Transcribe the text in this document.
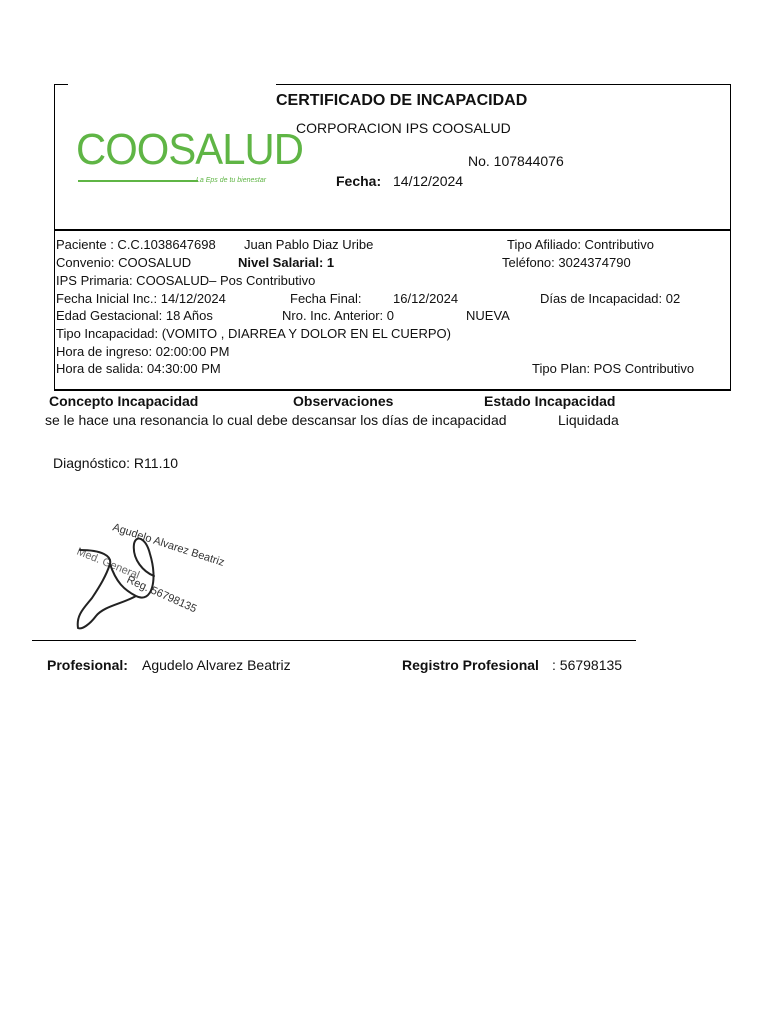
COOSALUD
La Eps de tu bienestar
CERTIFICADO DE INCAPACIDAD
CORPORACION IPS COOSALUD
No. 107844076
Fecha: 14/12/2024
Paciente : C.C.1038647698 Juan Pablo Diaz Uribe	Tipo Afiliado: Contributivo
Convenio: COOSALUD	Nivel Salarial: 1	Teléfono: 3024374790
IPS Primaria: COOSALUD– Pos Contributivo
Fecha Inicial Inc.: 14/12/2024	Fecha Final: 16/12/2024	Días de Incapacidad: 02
Edad Gestacional: 18 Años	Nro. Inc. Anterior: 0	NUEVA
Tipo Incapacidad: (VOMITO , DIARREA Y DOLOR EN EL CUERPO)
Hora de ingreso: 02:00:00 PM
Hora de salida: 04:30:00 PM	Tipo Plan: POS Contributivo
Concepto Incapacidad	Observaciones	Estado Incapacidad
se le hace una resonancia lo cual debe descansar los días de incapacidad	Liquidada
Diagnóstico: R11.10
Agudelo Alvarez Beatriz
Med. General
Reg. 56798135
Profesional: Agudelo Alvarez Beatriz	Registro Profesional : 56798135
